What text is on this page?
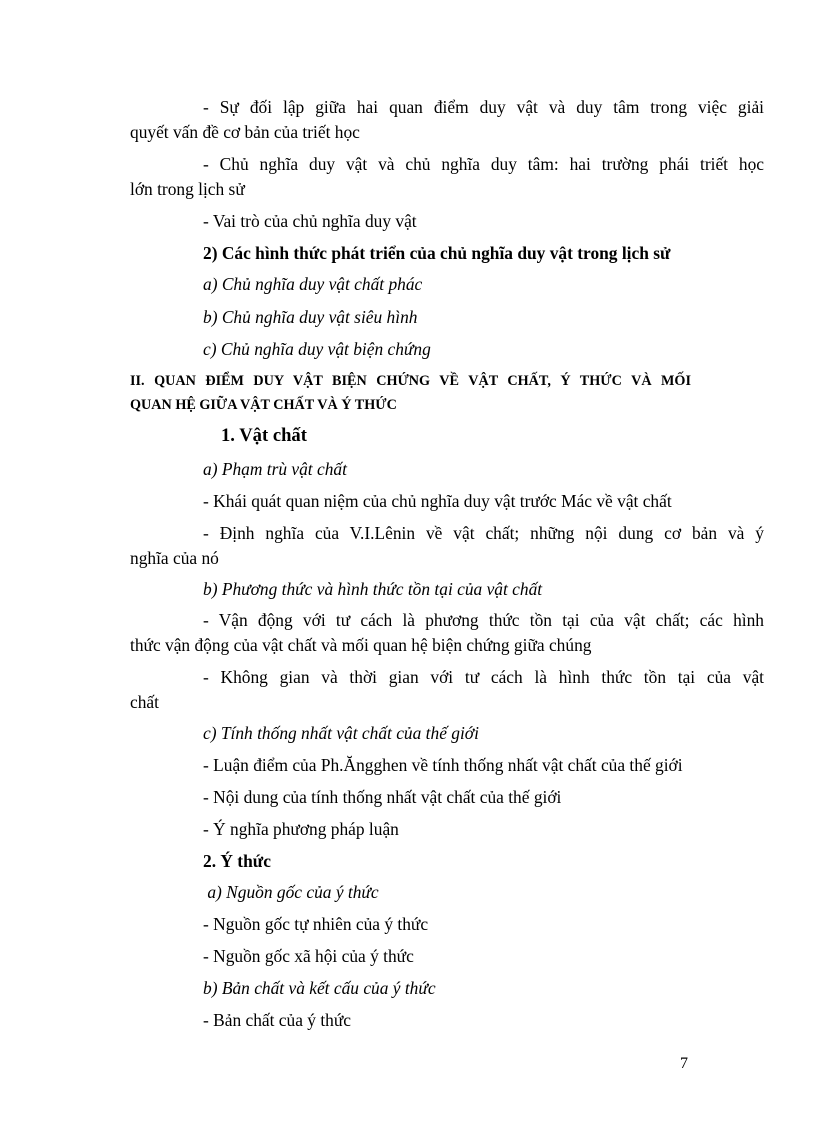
- Sự đối lập giữa hai quan điểm duy vật và duy tâm trong việc giải
quyết vấn đề cơ bản của triết học
- Chủ nghĩa duy vật và chủ nghĩa duy tâm: hai trường phái triết học
lớn trong lịch sử
- Vai trò của chủ nghĩa duy vật
2) Các hình thức phát triển của chủ nghĩa duy vật trong lịch sử
a) Chủ nghĩa duy vật chất phác
b) Chủ nghĩa duy vật siêu hình
c) Chủ nghĩa duy vật biện chứng
II. QUAN ĐIỂM DUY VẬT BIỆN CHỨNG VỀ VẬT CHẤT, Ý THỨC VÀ MỐI
QUAN HỆ GIỮA VẬT CHẤT VÀ Ý THỨC
1. Vật chất
a) Phạm trù vật chất
- Khái quát quan niệm của chủ nghĩa duy vật trước Mác về vật chất
- Định nghĩa của V.I.Lênin về vật chất; những nội dung cơ bản và ý
nghĩa của nó
b) Phương thức và hình thức tồn tại của vật chất
- Vận động với tư cách là phương thức tồn tại của vật chất; các hình
thức vận động của vật chất và mối quan hệ biện chứng giữa chúng
- Không gian và thời gian với tư cách là hình thức tồn tại của vật
chất
c) Tính thống nhất vật chất của thế giới
- Luận điểm của Ph.Ăngghen về tính thống nhất vật chất của thế giới
- Nội dung của tính thống nhất vật chất của thế giới
- Ý nghĩa phương pháp luận
2. Ý thức
a) Nguồn gốc của ý thức
- Nguồn gốc tự nhiên của ý thức
- Nguồn gốc xã hội của ý thức
b) Bản chất và kết cấu của ý thức
- Bản chất của ý thức
7
